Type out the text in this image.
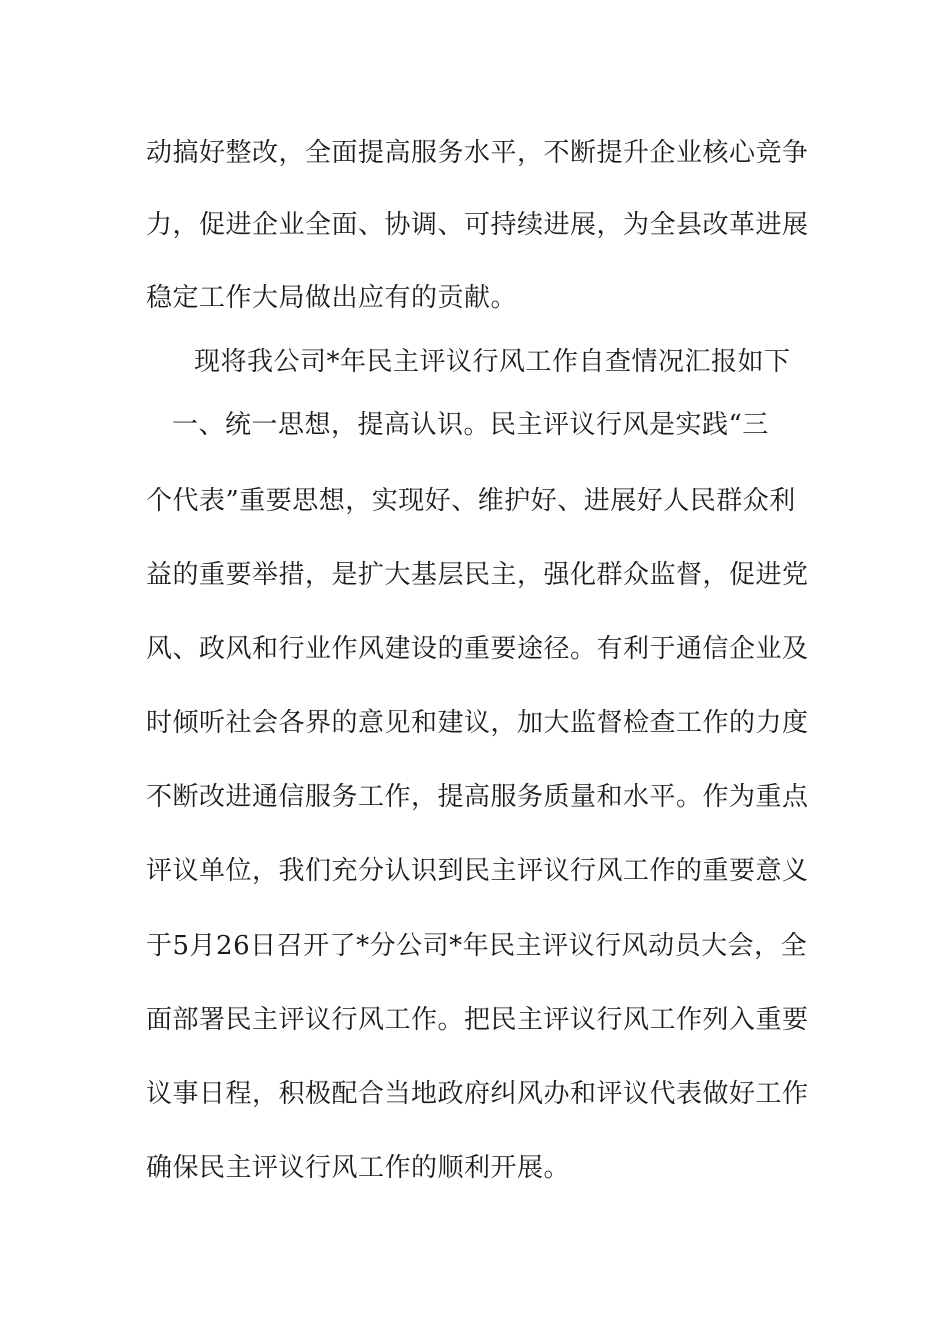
动搞好整改，全面提高服务水平，不断提升企业核心竞争
力，促进企业全面、协调、可持续进展，为全县改革进展
稳定工作大局做出应有的贡献。
现将我公司*年民主评议行风工作自查情况汇报如下
一、统一思想，提高认识。民主评议行风是实践“三
个代表”重要思想，实现好、维护好、进展好人民群众利
益的重要举措，是扩大基层民主，强化群众监督，促进党
风、政风和行业作风建设的重要途径。有利于通信企业及
时倾听社会各界的意见和建议，加大监督检查工作的力度
不断改进通信服务工作，提高服务质量和水平。作为重点
评议单位，我们充分认识到民主评议行风工作的重要意义
于5月26日召开了*分公司*年民主评议行风动员大会，全
面部署民主评议行风工作。把民主评议行风工作列入重要
议事日程，积极配合当地政府纠风办和评议代表做好工作
确保民主评议行风工作的顺利开展。
